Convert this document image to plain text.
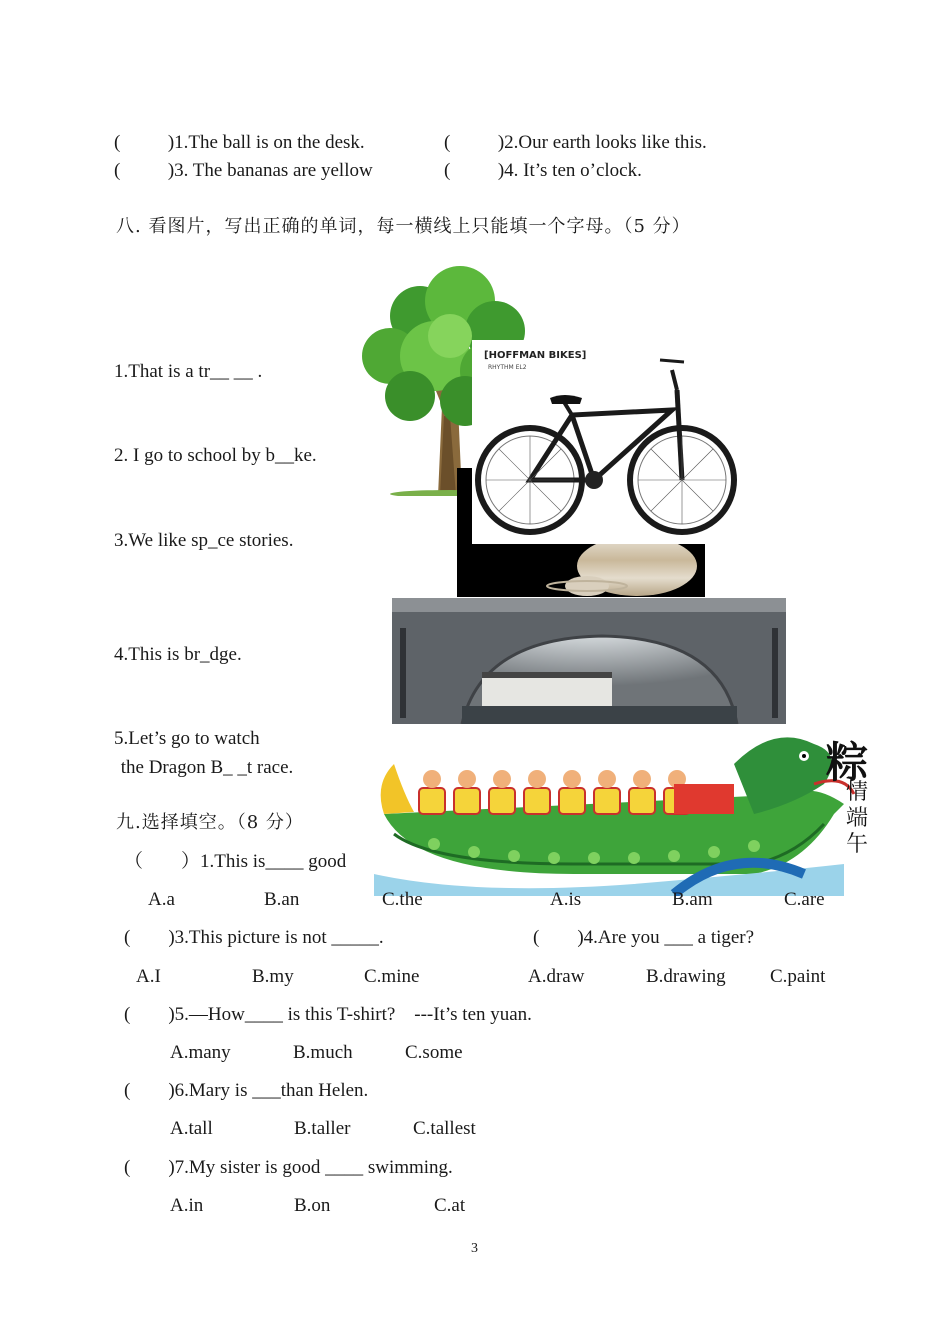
(          )1.The ball is on the desk.	(          )2.Our earth looks like this.
(          )3. The bananas are yellow	(          )4. It’s ten o’clock.
八. 看图片，写出正确的单词，每一横线上只能填一个字母。（5 分）
[HOFFMAN BIKES]
RHYTHM EL2
粽
情端午
1.That is a tr__ __ .
2. I go to school by b__ke.
3.We like sp_ce stories.
4.This is br_dge.
5.Let’s go to watch
the Dragon B_ _t race.
九.选择填空。（8 分）
（        ）1.This is____ good
A.a	B.an	C.the	A.is	B.am	C.are
(        )3.This picture is not _____.	(        )4.Are you ___ a tiger?
A.I	B.my	C.mine	A.draw	B.drawing C.paint
(        )5.—How____ is this T-shirt?    ---It’s ten yuan.
A.many	B.much	C.some
(        )6.Mary is ___than Helen.
A.tall	B.taller	C.tallest
(        )7.My sister is good ____ swimming.
A.in	B.on	C.at
3
